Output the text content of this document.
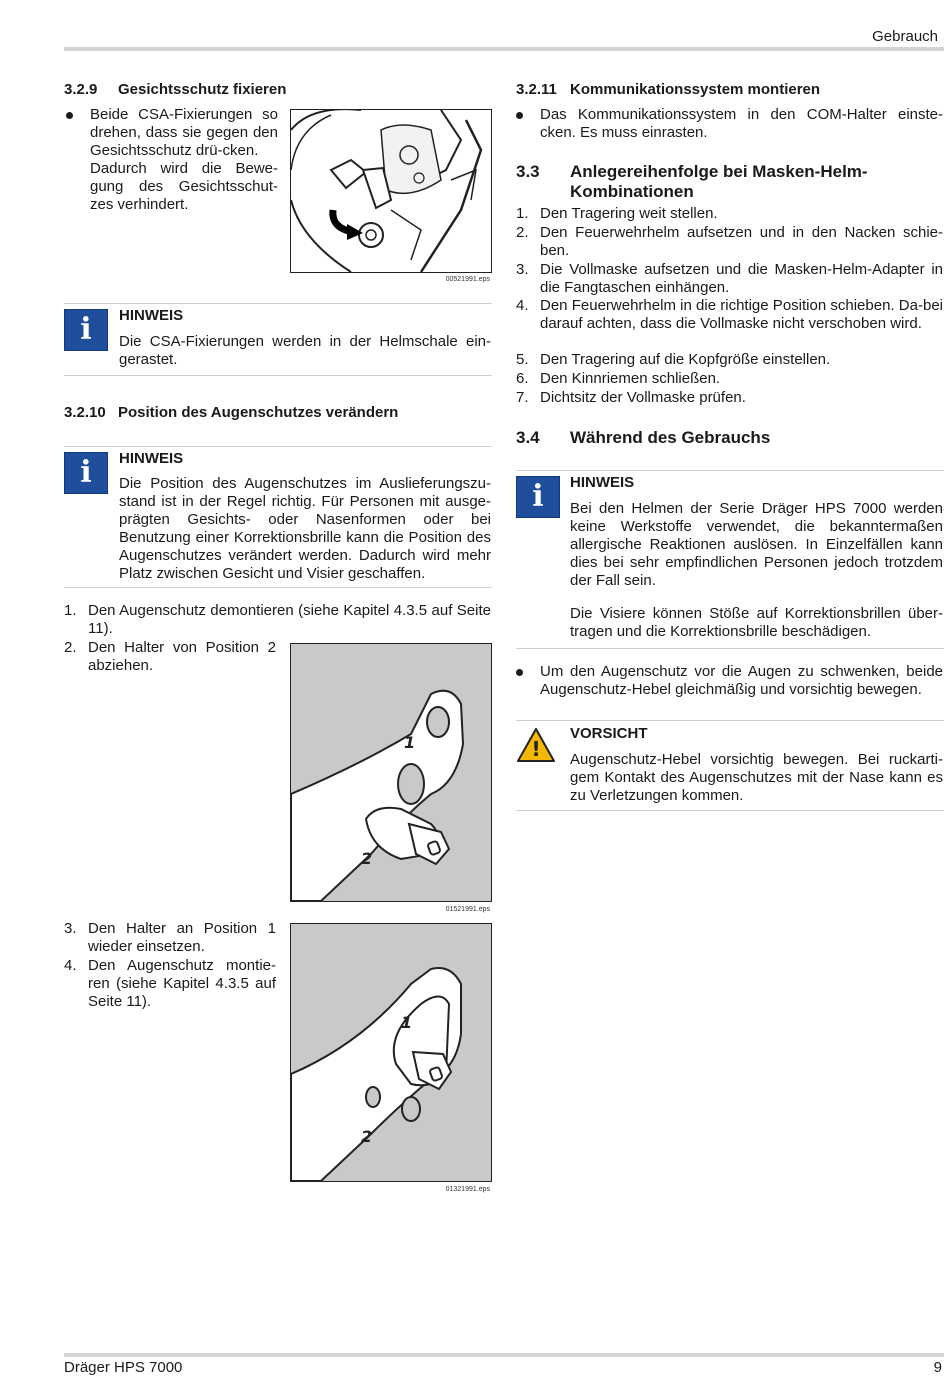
Gebrauch
3.2.9 Gesichtsschutz fixieren
Beide CSA-Fixierungen so drehen, dass sie gegen den Gesichtsschutz drü-cken.
Dadurch wird die Bewe-gung des Gesichtsschut-zes verhindert.
00521991.eps
i	HINWEIS
Die CSA-Fixierungen werden in der Helmschale ein-gerastet.
3.2.10 Position des Augenschutzes verändern
i	HINWEIS
Die Position des Augenschutzes im Auslieferungszu-stand ist in der Regel richtig. Für Personen mit ausge-prägten Gesichts- oder Nasenformen oder bei Benutzung einer Korrektionsbrille kann die Position des Augenschutzes verändert werden. Dadurch wird mehr Platz zwischen Gesicht und Visier geschaffen.
1. Den Augenschutz demontieren (siehe Kapitel 4.3.5 auf Seite 11).
2. Den Halter von Position 2 abziehen.
1
2
01521991.eps
3. Den Halter an Position 1 wieder einsetzen.
4. Den Augenschutz montie-ren (siehe Kapitel 4.3.5 auf Seite 11).
1
2
01321991.eps
3.2.11 Kommunikationssystem montieren
Das Kommunikationssystem in den COM-Halter einste-cken. Es muss einrasten.
3.3 Anlegereihenfolge bei Masken-Helm-Kombinationen
1. Den Tragering weit stellen.
2. Den Feuerwehrhelm aufsetzen und in den Nacken schie-ben.
3. Die Vollmaske aufsetzen und die Masken-Helm-Adapter in die Fangtaschen einhängen.
4. Den Feuerwehrhelm in die richtige Position schieben. Da-bei darauf achten, dass die Vollmaske nicht verschoben wird.
5. Den Tragering auf die Kopfgröße einstellen.
6. Den Kinnriemen schließen.
7. Dichtsitz der Vollmaske prüfen.
3.4 Während des Gebrauchs
i	HINWEIS
Bei den Helmen der Serie Dräger HPS 7000 werden keine Werkstoffe verwendet, die bekanntermaßen allergische Reaktionen auslösen. In Einzelfällen kann dies bei sehr empfindlichen Personen jedoch trotzdem der Fall sein.
Die Visiere können Stöße auf Korrektionsbrillen über-tragen und die Korrektionsbrille beschädigen.
Um den Augenschutz vor die Augen zu schwenken, beide Augenschutz-Hebel gleichmäßig und vorsichtig bewegen.
!
VORSICHT
Augenschutz-Hebel vorsichtig bewegen. Bei ruckarti-gem Kontakt des Augenschutzes mit der Nase kann es zu Verletzungen kommen.
Dräger HPS 7000	9
